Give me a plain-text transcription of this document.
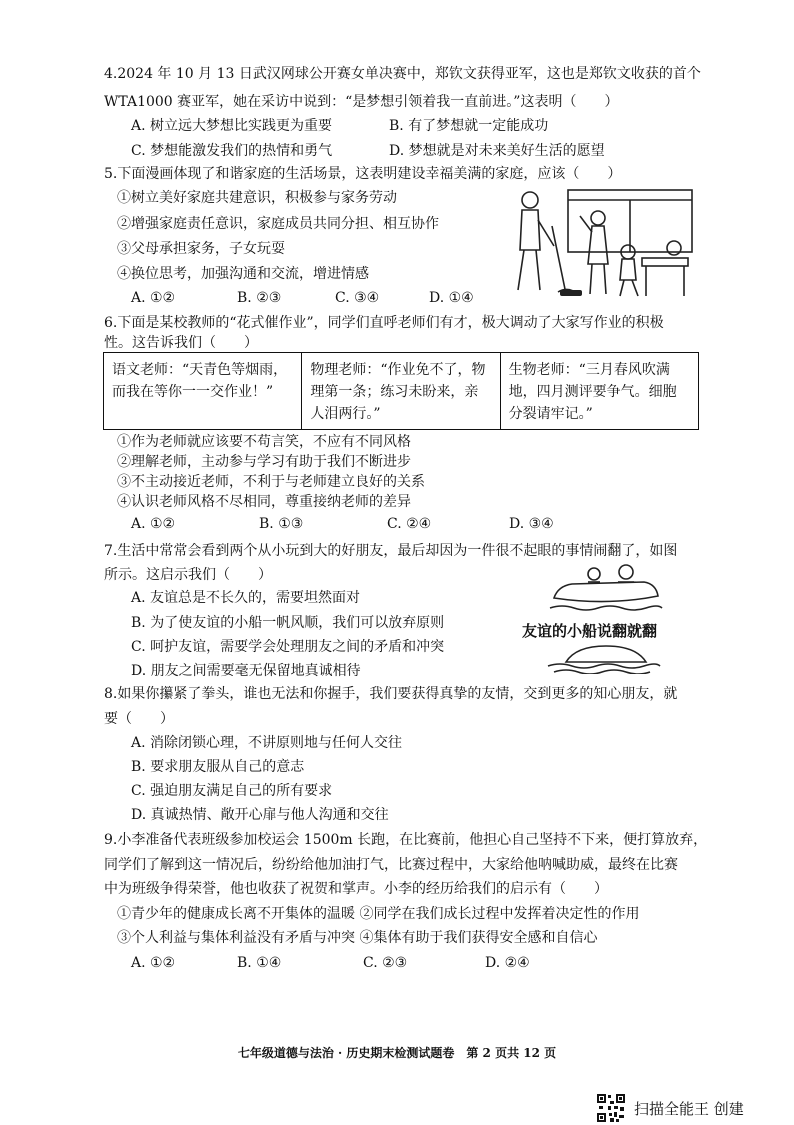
4.2024 年 10 月 13 日武汉网球公开赛女单决赛中，郑钦文获得亚军，这也是郑钦文收获的首个
WTA1000 赛亚军，她在采访中说到：“是梦想引领着我一直前进。”这表明（　　）
A. 树立远大梦想比实践更为重要	B. 有了梦想就一定能成功
C. 梦想能激发我们的热情和勇气	D. 梦想就是对未来美好生活的愿望
5.下面漫画体现了和谐家庭的生活场景，这表明建设幸福美满的家庭，应该（　　）
①树立美好家庭共建意识，积极参与家务劳动
②增强家庭责任意识，家庭成员共同分担、相互协作
③父母承担家务，子女玩耍
④换位思考，加强沟通和交流，增进情感
A. ①②	B. ②③	C. ③④	D. ①④
6.下面是某校教师的“花式催作业”，同学们直呼老师们有才，极大调动了大家写作业的积极
性。这告诉我们（　　）
语文老师：“天青色等烟雨，而我在等你一一交作业！”
物理老师：“作业免不了，物理第一条；练习未盼来，亲人泪两行。”
生物老师：“三月春风吹满地，四月测评要争气。细胞分裂请牢记。”
①作为老师就应该要不苟言笑，不应有不同风格
②理解老师，主动参与学习有助于我们不断进步
③不主动接近老师，不利于与老师建立良好的关系
④认识老师风格不尽相同，尊重接纳老师的差异
A. ①②	B. ①③	C. ②④	D. ③④
7.生活中常常会看到两个从小玩到大的好朋友，最后却因为一件很不起眼的事情闹翻了，如图
所示。这启示我们（　　）
A. 友谊总是不长久的，需要坦然面对
B. 为了使友谊的小船一帆风顺，我们可以放弃原则
C. 呵护友谊，需要学会处理朋友之间的矛盾和冲突
D. 朋友之间需要毫无保留地真诚相待
友谊的小船说翻就翻
8.如果你攥紧了拳头，谁也无法和你握手，我们要获得真挚的友情，交到更多的知心朋友，就
要（　　）
A. 消除闭锁心理，不讲原则地与任何人交往
B. 要求朋友服从自己的意志
C. 强迫朋友满足自己的所有要求
D. 真诚热情、敞开心扉与他人沟通和交往
9.小李准备代表班级参加校运会 1500m 长跑，在比赛前，他担心自己坚持不下来，便打算放弃，
同学们了解到这一情况后，纷纷给他加油打气，比赛过程中，大家给他呐喊助威，最终在比赛
中为班级争得荣誉，他也收获了祝贺和掌声。小李的经历给我们的启示有（　　）
①青少年的健康成长离不开集体的温暖 ②同学在我们成长过程中发挥着决定性的作用
③个人利益与集体利益没有矛盾与冲突 ④集体有助于我们获得安全感和自信心
A. ①②	B. ①④	C. ②③	D. ②④
七年级道德与法治 · 历史期末检测试题卷　第 2 页共 12 页
扫描全能王 创建
